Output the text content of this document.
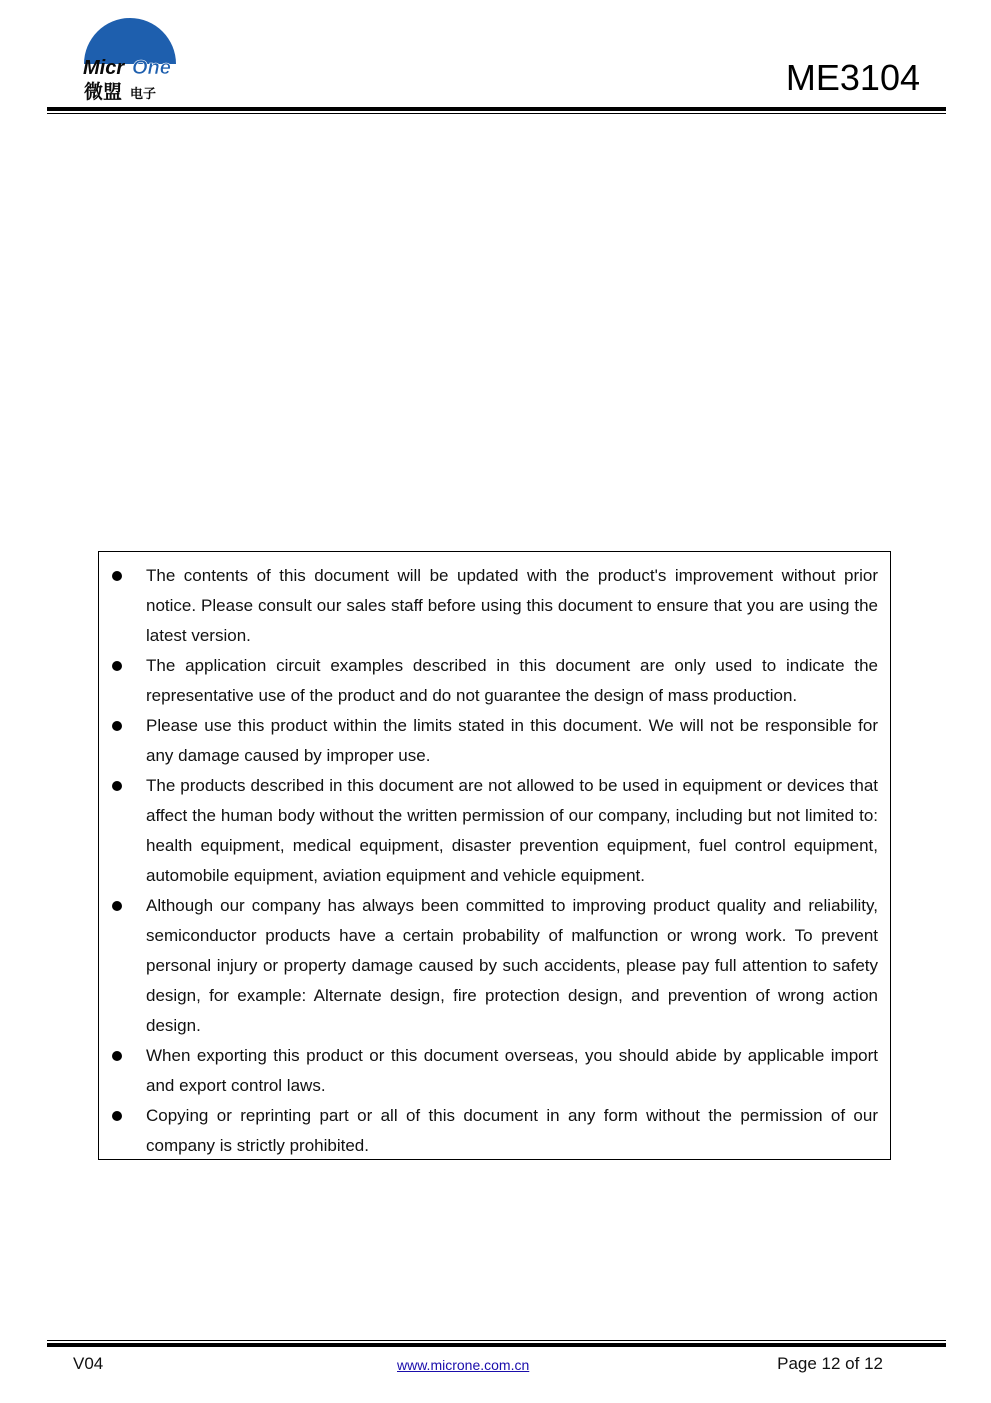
Micr One
微盟 电子	ME3104
The contents of this document will be updated with the product's improvement without prior notice. Please consult our sales staff before using this document to ensure that you are using the latest version.
The application circuit examples described in this document are only used to indicate the representative use of the product and do not guarantee the design of mass production.
Please use this product within the limits stated in this document. We will not be responsible for any damage caused by improper use.
The products described in this document are not allowed to be used in equipment or devices that affect the human body without the written permission of our company, including but not limited to: health equipment, medical equipment, disaster prevention equipment, fuel control equipment, automobile equipment, aviation equipment and vehicle equipment.
Although our company has always been committed to improving product quality and reliability, semiconductor products have a certain probability of malfunction or wrong work. To prevent personal injury or property damage caused by such accidents, please pay full attention to safety design, for example: Alternate design, fire protection design, and prevention of wrong action design.
When exporting this product or this document overseas, you should abide by applicable import and export control laws.
Copying or reprinting part or all of this document in any form without the permission of our company is strictly prohibited.
V04	www.microne.com.cn	Page 12 of 12
